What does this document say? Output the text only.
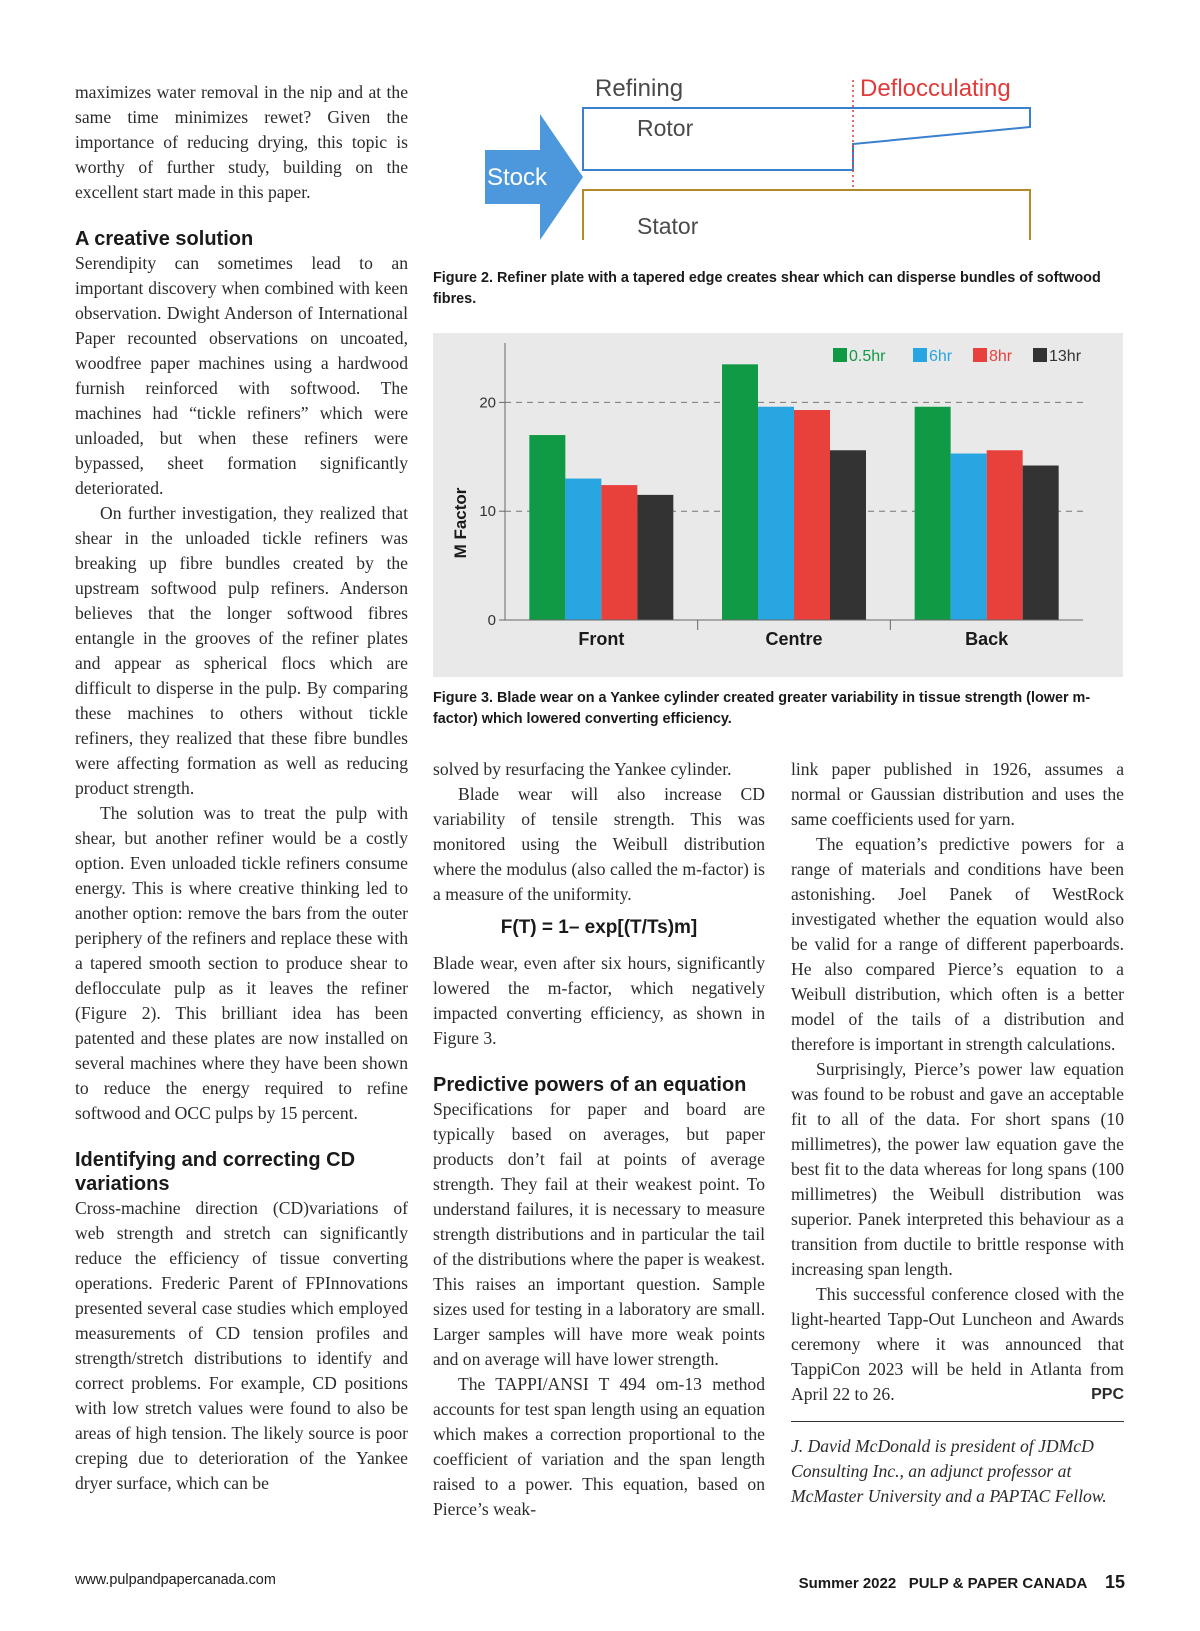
Refining	Deflocculating
Rotor
Stator
Stock
Figure 2. Refiner plate with a tapered edge creates shear which can disperse bundles of softwood fibres.
0
10
20
Front	Centre	Back
0.5hr	6hr 8hr 13hr
M Factor
Figure 3. Blade wear on a Yankee cylinder created greater variability in tissue strength (lower m-factor) which lowered converting efficiency.

maximizes water removal in the nip and at the same time minimizes rewet? Given the importance of reducing drying, this topic is worthy of further study, building on the excellent start made in this paper.

A creative solution

Serendipity can sometimes lead to an important discovery when combined with keen observation. Dwight Anderson of International Paper recounted observations on uncoated, woodfree paper machines using a hardwood furnish reinforced with softwood. The machines had “tickle refiners” which were unloaded, but when these refiners were bypassed, sheet formation significantly deteriorated.

On further investigation, they realized that shear in the unloaded tickle refiners was breaking up fibre bundles created by the upstream softwood pulp refiners. Anderson believes that the longer softwood fibres entangle in the grooves of the refiner plates and appear as spherical flocs which are difficult to disperse in the pulp. By comparing these machines to others without tickle refiners, they realized that these fibre bundles were affecting formation as well as reducing product strength.

The solution was to treat the pulp with shear, but another refiner would be a costly option. Even unloaded tickle refiners consume energy. This is where creative thinking led to another option: remove the bars from the outer periphery of the refiners and replace these with a tapered smooth section to produce shear to deflocculate pulp as it leaves the refiner (Figure 2). This brilliant idea has been patented and these plates are now installed on several machines where they have been shown to reduce the energy required to refine softwood and OCC pulps by 15 percent.

Identifying and correcting CD variations

Cross-machine direction (CD)variations of web strength and stretch can significantly reduce the efficiency of tissue converting operations. Frederic Parent of FPInnovations presented several case studies which employed measurements of CD tension profiles and strength/stretch distributions to identify and correct problems. For example, CD positions with low stretch values were found to also be areas of high tension. The likely source is poor creping due to deterioration of the Yankee dryer surface, which can be

solved by resurfacing the Yankee cylinder.

Blade wear will also increase CD variability of tensile strength. This was monitored using the Weibull distribution where the modulus (also called the m-factor) is a measure of the uniformity.

F(T) = 1– exp[(T/Ts)m]

Blade wear, even after six hours, significantly lowered the m-factor, which negatively impacted converting efficiency, as shown in Figure 3.

Predictive powers of an equation

Specifications for paper and board are typically based on averages, but paper products don’t fail at points of average strength. They fail at their weakest point. To understand failures, it is necessary to measure strength distributions and in particular the tail of the distributions where the paper is weakest. This raises an important question. Sample sizes used for testing in a laboratory are small. Larger samples will have more weak points and on average will have lower strength.

The TAPPI/ANSI T 494 om-13 method accounts for test span length using an equation which makes a correction proportional to the coefficient of variation and the span length raised to a power. This equation, based on Pierce’s weak-

link paper published in 1926, assumes a normal or Gaussian distribution and uses the same coefficients used for yarn.

The equation’s predictive powers for a range of materials and conditions have been astonishing. Joel Panek of WestRock investigated whether the equation would also be valid for a range of different paperboards. He also compared Pierce’s equation to a Weibull distribution, which often is a better model of the tails of a distribution and therefore is important in strength calculations.

Surprisingly, Pierce’s power law equation was found to be robust and gave an acceptable fit to all of the data. For short spans (10 millimetres), the power law equation gave the best fit to the data whereas for long spans (100 millimetres) the Weibull distribution was superior. Panek interpreted this behaviour as a transition from ductile to brittle response with increasing span length.

This successful conference closed with the light-hearted Tapp-Out Luncheon and Awards ceremony where it was announced that TappiCon 2023 will be held in Atlanta from April 22 to 26.	PPC

J. David McDonald is president of JDMcD Consulting Inc., an adjunct professor at McMaster University and a PAPTAC Fellow.

www.pulpandpapercanada.com	Summer 2022 PULP & PAPER CANADA 15
